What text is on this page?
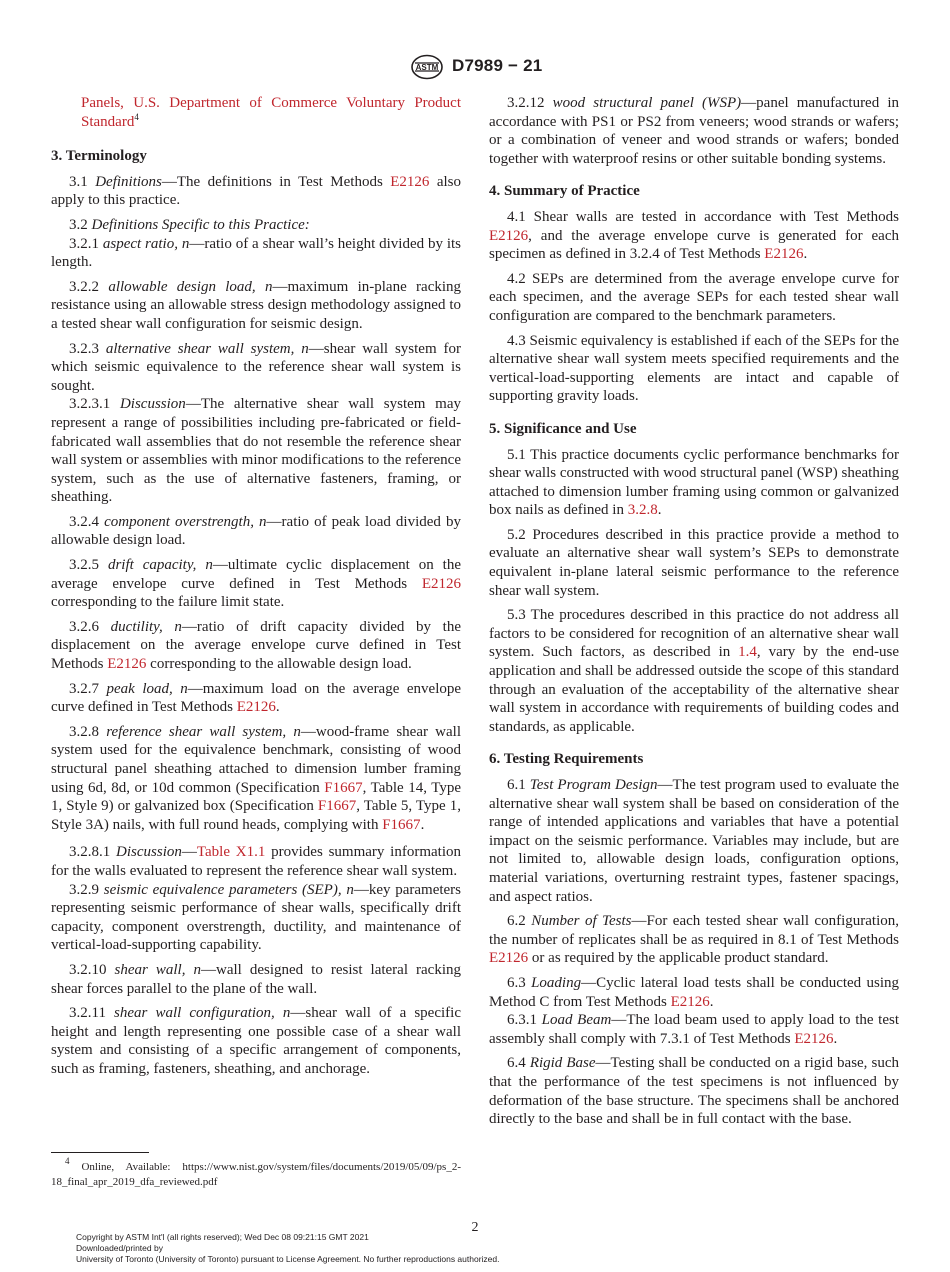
ASTM D7989 − 21

Panels, U.S. Department of Commerce Voluntary Product Standard$^4$

3. Terminology

3.1 Definitions—The definitions in Test Methods E2126 also apply to this practice.

3.2 Definitions Specific to this Practice:

3.2.1 aspect ratio, n—ratio of a shear wall’s height divided by its length.

3.2.2 allowable design load, n—maximum in-plane racking resistance using an allowable stress design methodology assigned to a tested shear wall configuration for seismic design.

3.2.3 alternative shear wall system, n—shear wall system for which seismic equivalence to the reference shear wall system is sought.

3.2.3.1 Discussion—The alternative shear wall system may represent a range of possibilities including pre-fabricated or field-fabricated wall assemblies that do not resemble the reference shear wall system or assemblies with minor modifications to the reference system, such as the use of alternative fasteners, framing, or sheathing.

3.2.4 component overstrength, n—ratio of peak load divided by allowable design load.

3.2.5 drift capacity, n—ultimate cyclic displacement on the average envelope curve defined in Test Methods E2126 corresponding to the failure limit state.

3.2.6 ductility, n—ratio of drift capacity divided by the displacement on the average envelope curve defined in Test Methods E2126 corresponding to the allowable design load.

3.2.7 peak load, n—maximum load on the average envelope curve defined in Test Methods E2126.

3.2.8 reference shear wall system, n—wood-frame shear wall system used for the equivalence benchmark, consisting of wood structural panel sheathing attached to dimension lumber framing using 6d, 8d, or 10d common (Specification F1667, Table 14, Type 1, Style 9) or galvanized box (Specification F1667, Table 5, Type 1, Style 3A) nails, with full round heads, complying with F1667.

3.2.8.1 Discussion—Table X1.1 provides summary information for the walls evaluated to represent the reference shear wall system.

3.2.9 seismic equivalence parameters (SEP), n—key parameters representing seismic performance of shear walls, specifically drift capacity, component overstrength, ductility, and maintenance of vertical-load-supporting capability.

3.2.10 shear wall, n—wall designed to resist lateral racking shear forces parallel to the plane of the wall.

3.2.11 shear wall configuration, n—shear wall of a specific height and length representing one possible case of a shear wall system and consisting of a specific arrangement of components, such as framing, fasteners, sheathing, and anchorage.

$^4$ Online, Available: https://www.nist.gov/system/files/documents/2019/05/09/ps_2-18_final_apr_2019_dfa_reviewed.pdf

3.2.12 wood structural panel (WSP)—panel manufactured in accordance with PS1 or PS2 from veneers; wood strands or wafers; or a combination of veneer and wood strands or wafers; bonded together with waterproof resins or other suitable bonding systems.

4. Summary of Practice

4.1 Shear walls are tested in accordance with Test Methods E2126, and the average envelope curve is generated for each specimen as defined in 3.2.4 of Test Methods E2126.

4.2 SEPs are determined from the average envelope curve for each specimen, and the average SEPs for each tested shear wall configuration are compared to the benchmark parameters.

4.3 Seismic equivalency is established if each of the SEPs for the alternative shear wall system meets specified requirements and the vertical-load-supporting elements are intact and capable of supporting gravity loads.

5. Significance and Use

5.1 This practice documents cyclic performance benchmarks for shear walls constructed with wood structural panel (WSP) sheathing attached to dimension lumber framing using common or galvanized box nails as defined in 3.2.8.

5.2 Procedures described in this practice provide a method to evaluate an alternative shear wall system’s SEPs to demonstrate equivalent in-plane lateral seismic performance to the reference shear wall system.

5.3 The procedures described in this practice do not address all factors to be considered for recognition of an alternative shear wall system. Such factors, as described in 1.4, vary by the end-use application and shall be addressed outside the scope of this standard through an evaluation of the acceptability of the alternative shear wall system in accordance with requirements of building codes and standards, as applicable.

6. Testing Requirements

6.1 Test Program Design—The test program used to evaluate the alternative shear wall system shall be based on consideration of the range of intended applications and variables that have a potential impact on the seismic performance. Variables may include, but are not limited to, allowable design loads, configuration options, material variations, overturning restraint types, fastener spacings, and aspect ratios.

6.2 Number of Tests—For each tested shear wall configuration, the number of replicates shall be as required in 8.1 of Test Methods E2126 or as required by the applicable product standard.

6.3 Loading—Cyclic lateral load tests shall be conducted using Method C from Test Methods E2126.

6.3.1 Load Beam—The load beam used to apply load to the test assembly shall comply with 7.3.1 of Test Methods E2126.

6.4 Rigid Base—Testing shall be conducted on a rigid base, such that the performance of the test specimens is not influenced by deformation of the base structure. The specimens shall be anchored directly to the base and shall be in full contact with the base.

2
Copyright by ASTM Int'l (all rights reserved); Wed Dec 08 09:21:15 GMT 2021
Downloaded/printed by
University of Toronto (University of Toronto) pursuant to License Agreement. No further reproductions authorized.
